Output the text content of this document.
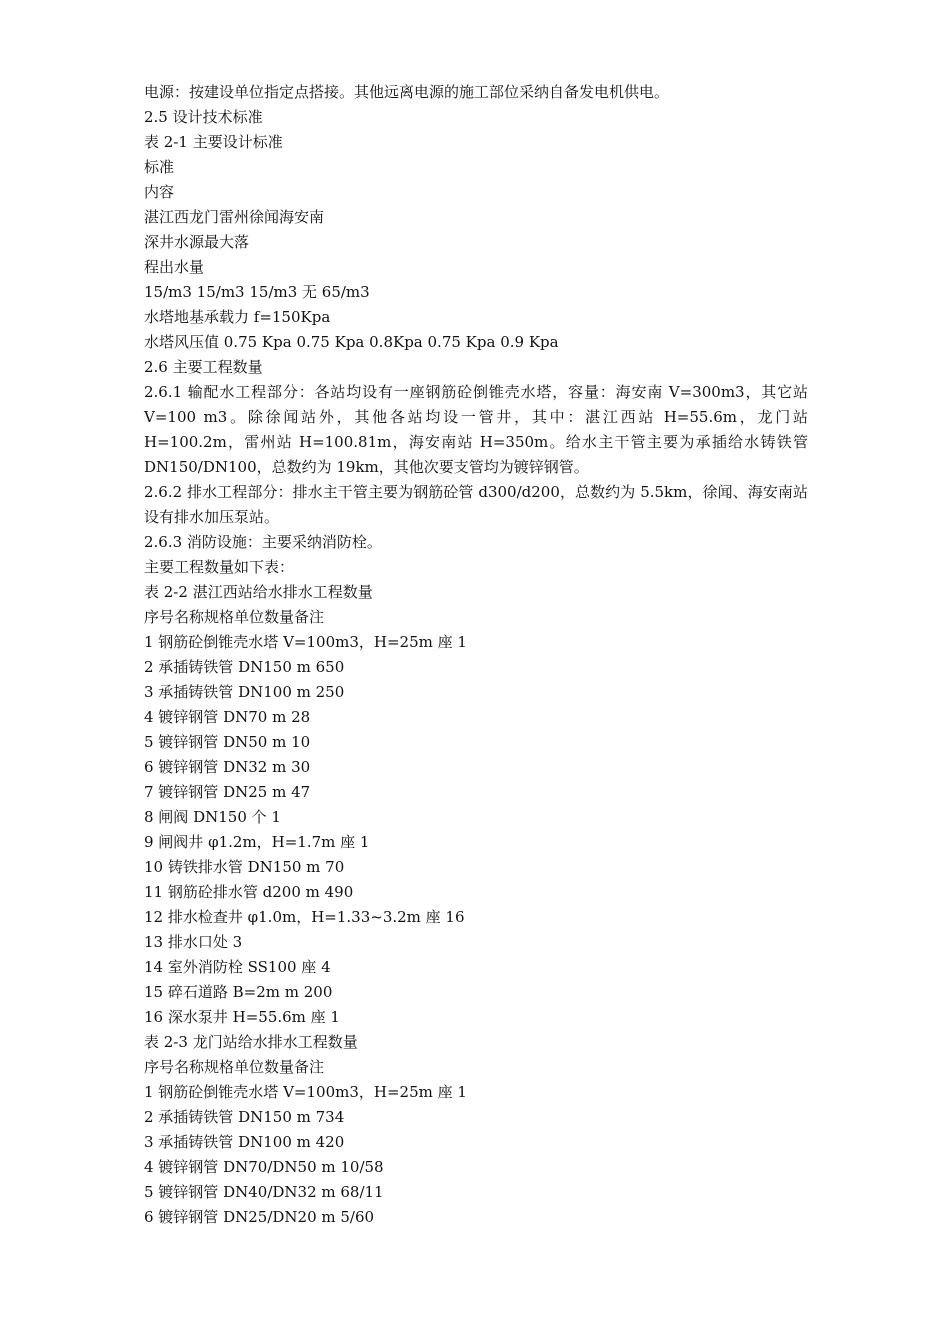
电源：按建设单位指定点搭接。其他远离电源的施工部位采纳自备发电机供电。
2.5 设计技术标准
表 2-1 主要设计标准
标准
内容
湛江西龙门雷州徐闻海安南
深井水源最大落
程出水量
15/m3 15/m3 15/m3 无 65/m3
水塔地基承载力 f=150Kpa
水塔风压值 0.75 Kpa 0.75 Kpa 0.8Kpa 0.75 Kpa 0.9 Kpa
2.6 主要工程数量
2.6.1 输配水工程部分：各站均设有一座钢筋砼倒锥壳水塔，容量：海安南 V=300m3，其它站 V=100 m3。除徐闻站外，其他各站均设一管井，其中：湛江西站 H=55.6m，龙门站 H=100.2m，雷州站 H=100.81m，海安南站 H=350m。给水主干管主要为承插给水铸铁管 DN150/DN100，总数约为 19km，其他次要支管均为镀锌钢管。
2.6.2 排水工程部分：排水主干管主要为钢筋砼管 d300/d200，总数约为 5.5km，徐闻、海安南站设有排水加压泵站。
2.6.3 消防设施：主要采纳消防栓。
主要工程数量如下表：
表 2-2 湛江西站给水排水工程数量
序号名称规格单位数量备注
1 钢筋砼倒锥壳水塔 V=100m3，H=25m 座 1
2 承插铸铁管 DN150 m 650
3 承插铸铁管 DN100 m 250
4 镀锌钢管 DN70 m 28
5 镀锌钢管 DN50 m 10
6 镀锌钢管 DN32 m 30
7 镀锌钢管 DN25 m 47
8 闸阀 DN150 个 1
9 闸阀井 φ1.2m，H=1.7m 座 1
10 铸铁排水管 DN150 m 70
11 钢筋砼排水管 d200 m 490
12 排水检查井 φ1.0m，H=1.33~3.2m 座 16
13 排水口处 3
14 室外消防栓 SS100 座 4
15 碎石道路 B=2m m 200
16 深水泵井 H=55.6m 座 1
表 2-3 龙门站给水排水工程数量
序号名称规格单位数量备注
1 钢筋砼倒锥壳水塔 V=100m3，H=25m 座 1
2 承插铸铁管 DN150 m 734
3 承插铸铁管 DN100 m 420
4 镀锌钢管 DN70/DN50 m 10/58
5 镀锌钢管 DN40/DN32 m 68/11
6 镀锌钢管 DN25/DN20 m 5/60
